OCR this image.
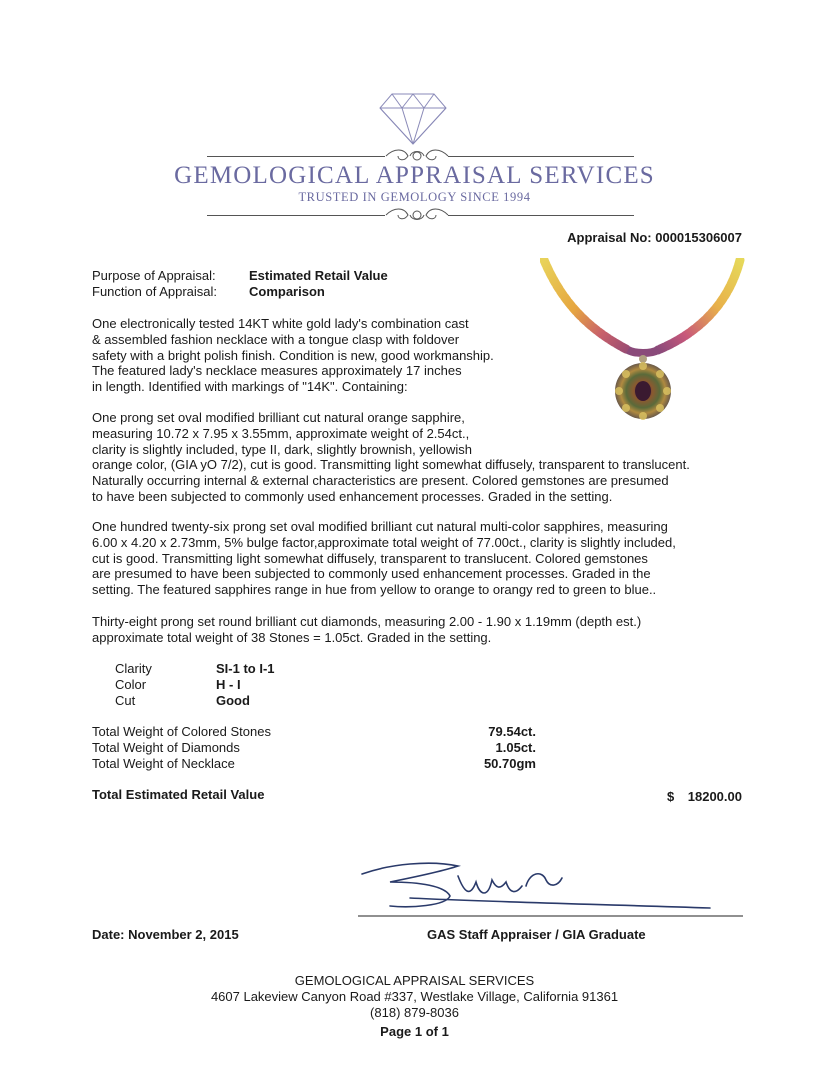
GEMOLOGICAL APPRAISAL SERVICES
TRUSTED IN GEMOLOGY SINCE 1994
Appraisal No: 000015306007
Purpose of Appraisal:	Estimated Retail Value
Function of Appraisal: Comparison
One electronically tested 14KT white gold lady's combination cast
& assembled fashion necklace with a tongue clasp with foldover
safety with a bright polish finish. Condition is new, good workmanship.
The featured lady's necklace measures approximately 17 inches
in length. Identified with markings of "14K". Containing:
One prong set oval modified brilliant cut natural orange sapphire,
measuring 10.72 x 7.95 x 3.55mm, approximate weight of 2.54ct.,
clarity is slightly included, type II, dark, slightly brownish, yellowish
orange color, (GIA yO 7/2), cut is good. Transmitting light somewhat diffusely, transparent to translucent.
Naturally occurring internal & external characteristics are present. Colored gemstones are presumed
to have been subjected to commonly used enhancement processes. Graded in the setting.
One hundred twenty-six prong set oval modified brilliant cut natural multi-color sapphires, measuring
6.00 x 4.20 x 2.73mm, 5% bulge factor,approximate total weight of 77.00ct., clarity is slightly included,
cut is good. Transmitting light somewhat diffusely, transparent to translucent. Colored gemstones
are presumed to have been subjected to commonly used enhancement processes. Graded in the
setting. The featured sapphires range in hue from yellow to orange to orangy red to green to blue..
Thirty-eight prong set round brilliant cut diamonds, measuring 2.00 - 1.90 x 1.19mm (depth est.)
approximate total weight of 38 Stones = 1.05ct. Graded in the setting.
Clarity	SI-1 to I-1
Color	H - I
Cut	Good
Total Weight of Colored Stones	79.54ct.
Total Weight of Diamonds	1.05ct.
Total Weight of Necklace	50.70gm
Total Estimated Retail Value	$ 18200.00
Date: November 2, 2015	GAS Staff Appraiser / GIA Graduate
GEMOLOGICAL APPRAISAL SERVICES
4607 Lakeview Canyon Road #337, Westlake Village, California 91361
(818) 879-8036
Page 1 of 1
